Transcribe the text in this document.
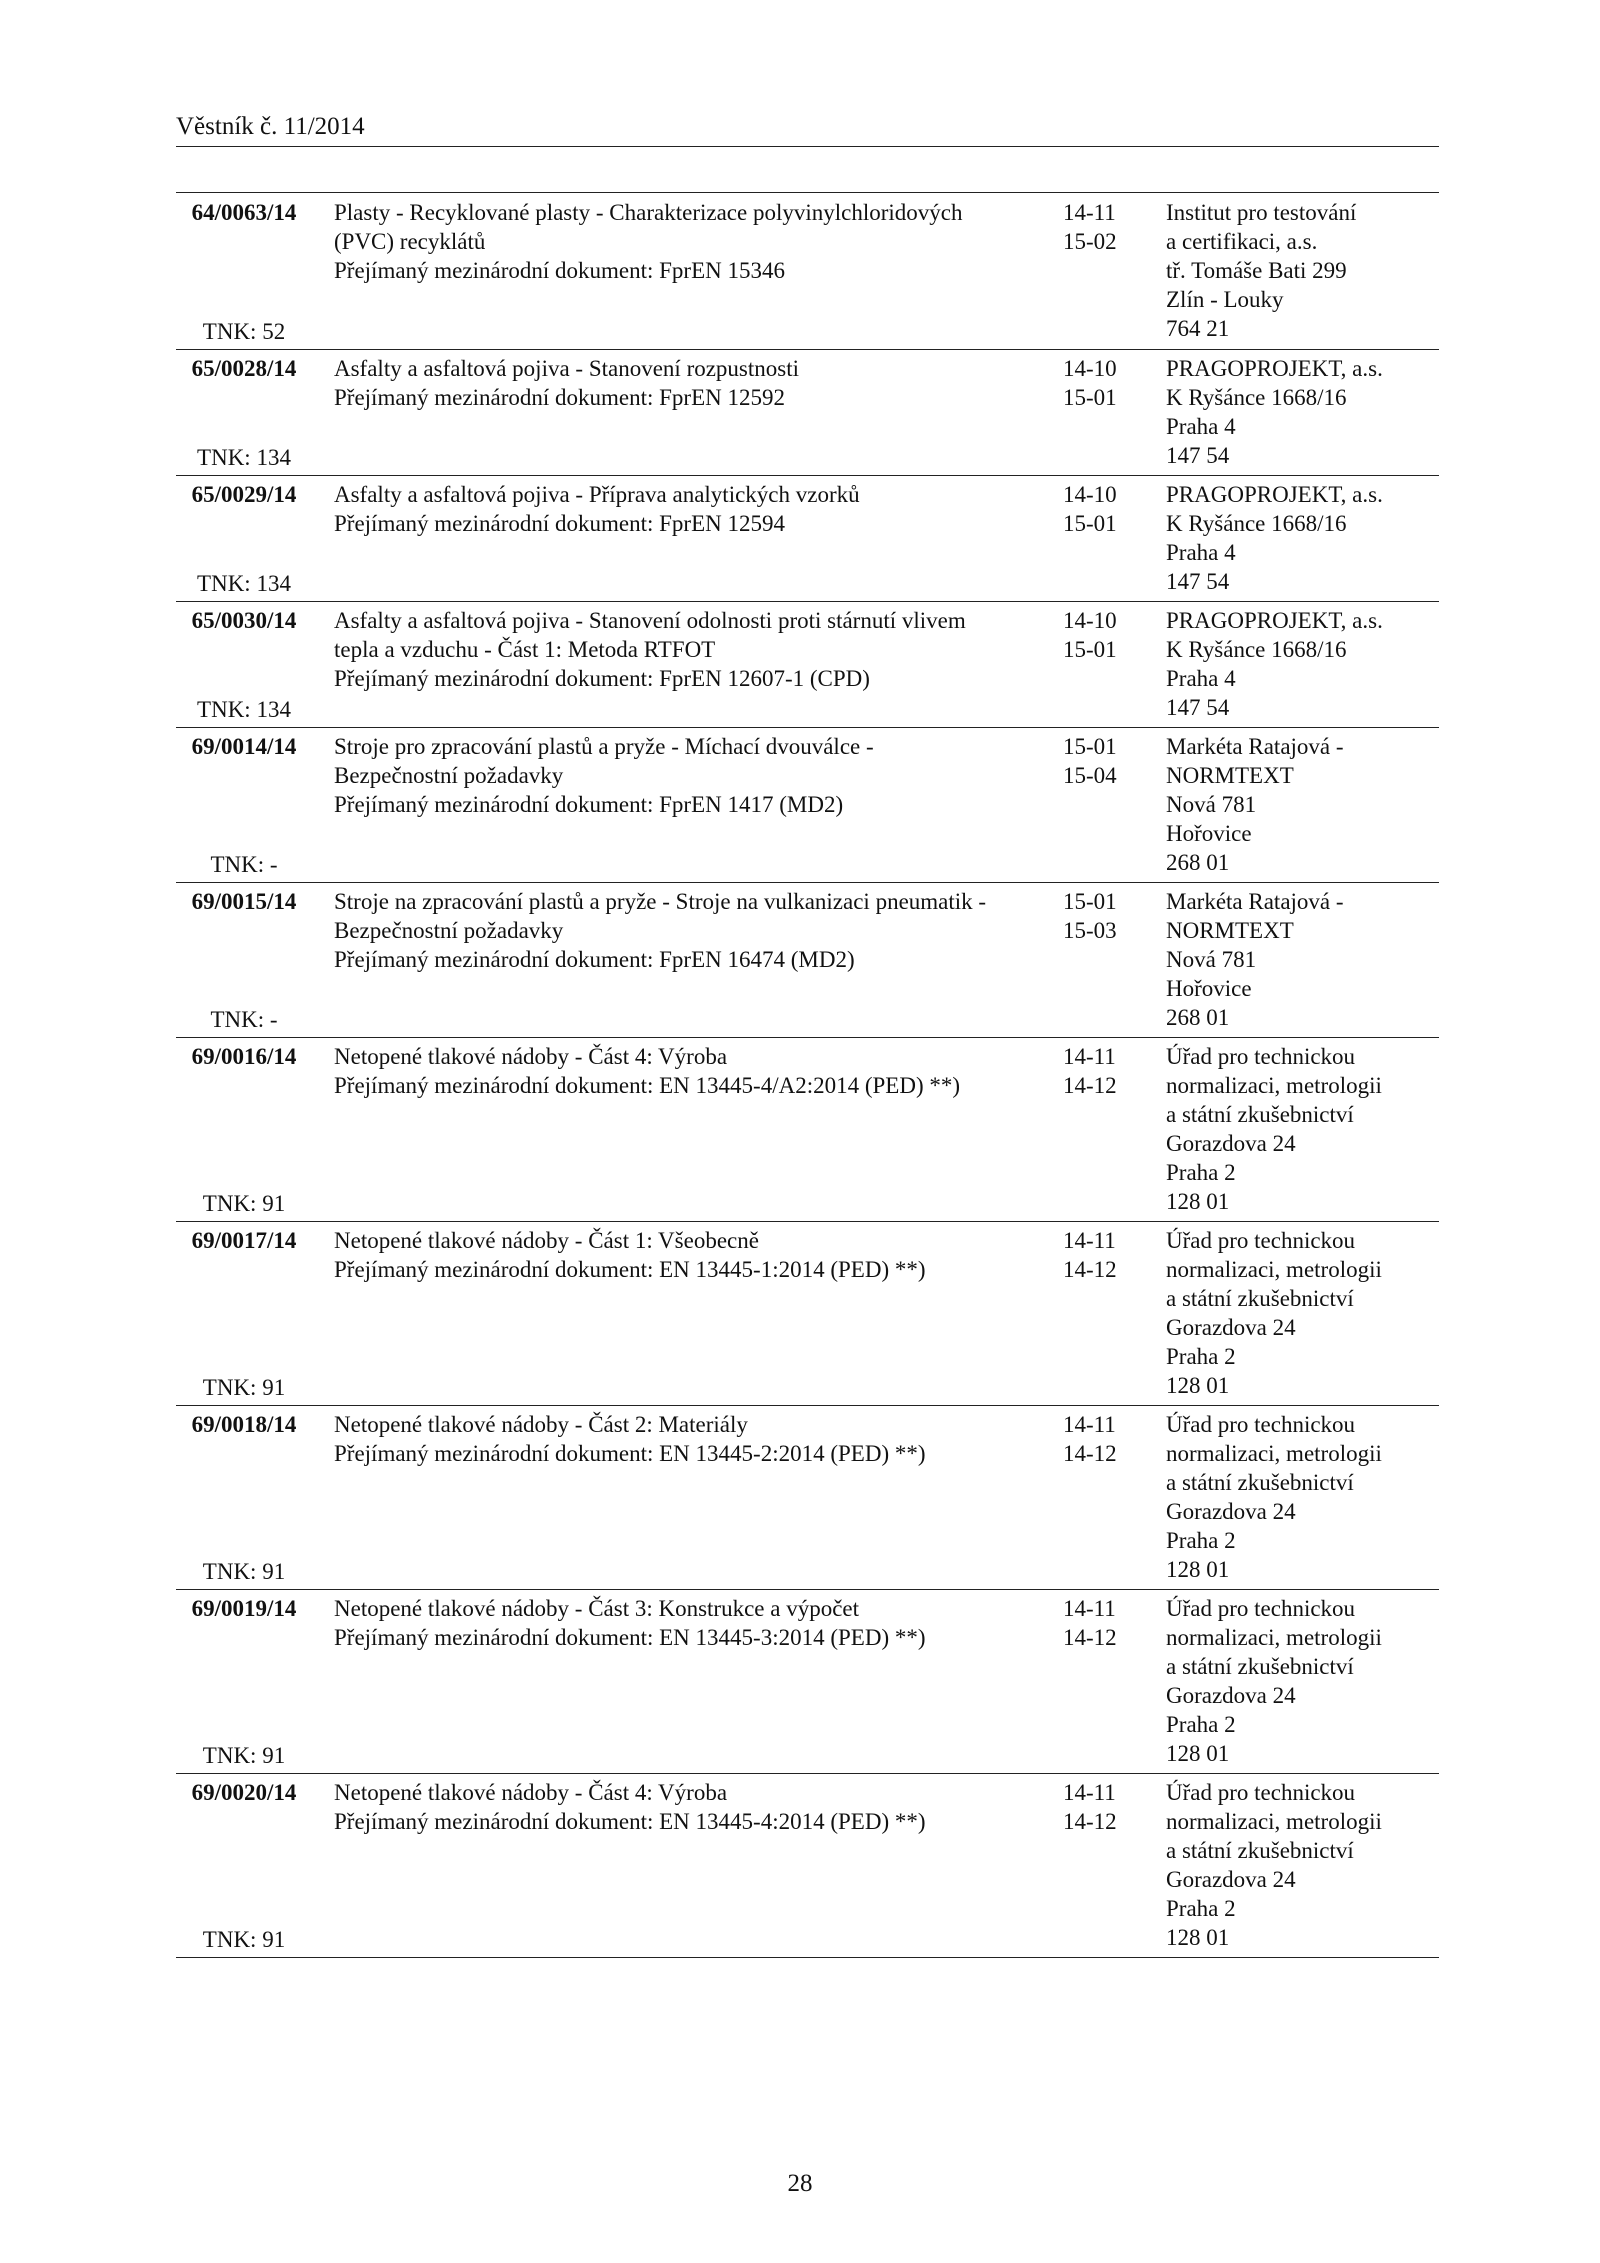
Věstník č. 11/2014
64/0063/14
TNK: 52
Plasty - Recyklované plasty - Charakterizace polyvinylchloridových
(PVC) recyklátů
Přejímaný mezinárodní dokument: FprEN 15346
14-11
15-02
Institut pro testování
a certifikaci, a.s.
tř. Tomáše Bati 299
Zlín - Louky
764 21
65/0028/14
TNK: 134
Asfalty a asfaltová pojiva - Stanovení rozpustnosti
Přejímaný mezinárodní dokument: FprEN 12592
14-10
15-01
PRAGOPROJEKT, a.s.
K Ryšánce 1668/16
Praha 4
147 54
65/0029/14
TNK: 134
Asfalty a asfaltová pojiva - Příprava analytických vzorků
Přejímaný mezinárodní dokument: FprEN 12594
14-10
15-01
PRAGOPROJEKT, a.s.
K Ryšánce 1668/16
Praha 4
147 54
65/0030/14
TNK: 134
Asfalty a asfaltová pojiva - Stanovení odolnosti proti stárnutí vlivem
tepla a vzduchu - Část 1: Metoda RTFOT
Přejímaný mezinárodní dokument: FprEN 12607-1 (CPD)
14-10
15-01
PRAGOPROJEKT, a.s.
K Ryšánce 1668/16
Praha 4
147 54
69/0014/14
TNK: -
Stroje pro zpracování plastů a pryže - Míchací dvouválce -
Bezpečnostní požadavky
Přejímaný mezinárodní dokument: FprEN 1417 (MD2)
15-01
15-04
Markéta Ratajová -
NORMTEXT
Nová 781
Hořovice
268 01
69/0015/14
TNK: -
Stroje na zpracování plastů a pryže - Stroje na vulkanizaci pneumatik -
Bezpečnostní požadavky
Přejímaný mezinárodní dokument: FprEN 16474 (MD2)
15-01
15-03
Markéta Ratajová -
NORMTEXT
Nová 781
Hořovice
268 01
69/0016/14
TNK: 91
Netopené tlakové nádoby - Část 4: Výroba
Přejímaný mezinárodní dokument: EN 13445-4/A2:2014 (PED) **)
14-11
14-12
Úřad pro technickou
normalizaci, metrologii
a státní zkušebnictví
Gorazdova 24
Praha 2
128 01
69/0017/14
TNK: 91
Netopené tlakové nádoby - Část 1: Všeobecně
Přejímaný mezinárodní dokument: EN 13445-1:2014 (PED) **)
14-11
14-12
Úřad pro technickou
normalizaci, metrologii
a státní zkušebnictví
Gorazdova 24
Praha 2
128 01
69/0018/14
TNK: 91
Netopené tlakové nádoby - Část 2: Materiály
Přejímaný mezinárodní dokument: EN 13445-2:2014 (PED) **)
14-11
14-12
Úřad pro technickou
normalizaci, metrologii
a státní zkušebnictví
Gorazdova 24
Praha 2
128 01
69/0019/14
TNK: 91
Netopené tlakové nádoby - Část 3: Konstrukce a výpočet
Přejímaný mezinárodní dokument: EN 13445-3:2014 (PED) **)
14-11
14-12
Úřad pro technickou
normalizaci, metrologii
a státní zkušebnictví
Gorazdova 24
Praha 2
128 01
69/0020/14
TNK: 91
Netopené tlakové nádoby - Část 4: Výroba
Přejímaný mezinárodní dokument: EN 13445-4:2014 (PED) **)
14-11
14-12
Úřad pro technickou
normalizaci, metrologii
a státní zkušebnictví
Gorazdova 24
Praha 2
128 01
28
